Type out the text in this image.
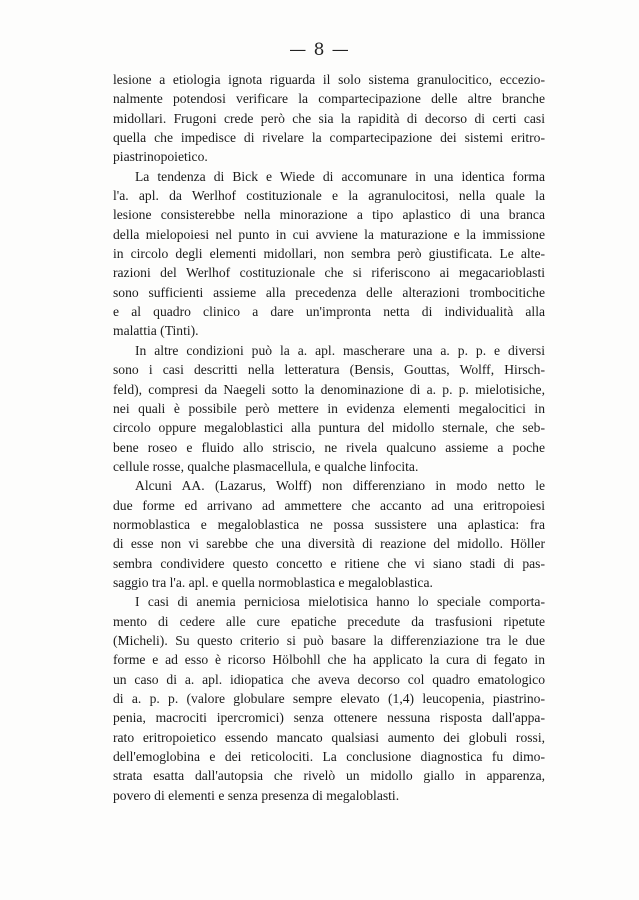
— 8 —

lesione a etiologia ignota riguarda il solo sistema granulocitico, eccezio-
nalmente potendosi verificare la compartecipazione delle altre branche
midollari. Frugoni crede però che sia la rapidità di decorso di certi casi
quella che impedisce di rivelare la compartecipazione dei sistemi eritro-
piastrinopoietico.

La tendenza di Bick e Wiede di accomunare in una identica forma
l'a. apl. da Werlhof costituzionale e la agranulocitosi, nella quale la
lesione consisterebbe nella minorazione a tipo aplastico di una branca
della mielopoiesi nel punto in cui avviene la maturazione e la immissione
in circolo degli elementi midollari, non sembra però giustificata. Le alte-
razioni del Werlhof costituzionale che si riferiscono ai megacarioblasti
sono sufficienti assieme alla precedenza delle alterazioni trombocitiche
e al quadro clinico a dare un'impronta netta di individualità alla
malattia (Tinti).

In altre condizioni può la a. apl. mascherare una a. p. p. e diversi
sono i casi descritti nella letteratura (Bensis, Gouttas, Wolff, Hirsch-
feld), compresi da Naegeli sotto la denominazione di a. p. p. mielotisiche,
nei quali è possibile però mettere in evidenza elementi megalocitici in
circolo oppure megaloblastici alla puntura del midollo sternale, che seb-
bene roseo e fluido allo striscio, ne rivela qualcuno assieme a poche
cellule rosse, qualche plasmacellula, e qualche linfocita.

Alcuni AA. (Lazarus, Wolff) non differenziano in modo netto le
due forme ed arrivano ad ammettere che accanto ad una eritropoiesi
normoblastica e megaloblastica ne possa sussistere una aplastica: fra
di esse non vi sarebbe che una diversità di reazione del midollo. Höller
sembra condividere questo concetto e ritiene che vi siano stadi di pas-
saggio tra l'a. apl. e quella normoblastica e megaloblastica.

I casi di anemia perniciosa mielotisica hanno lo speciale comporta-
mento di cedere alle cure epatiche precedute da trasfusioni ripetute
(Micheli). Su questo criterio si può basare la differenziazione tra le due
forme e ad esso è ricorso Hölbohll che ha applicato la cura di fegato in
un caso di a. apl. idiopatica che aveva decorso col quadro ematologico
di a. p. p. (valore globulare sempre elevato (1,4) leucopenia, piastrino-
penia, macrociti ipercromici) senza ottenere nessuna risposta dall'appa-
rato eritropoietico essendo mancato qualsiasi aumento dei globuli rossi,
dell'emoglobina e dei reticolociti. La conclusione diagnostica fu dimo-
strata esatta dall'autopsia che rivelò un midollo giallo in apparenza,
povero di elementi e senza presenza di megaloblasti.
